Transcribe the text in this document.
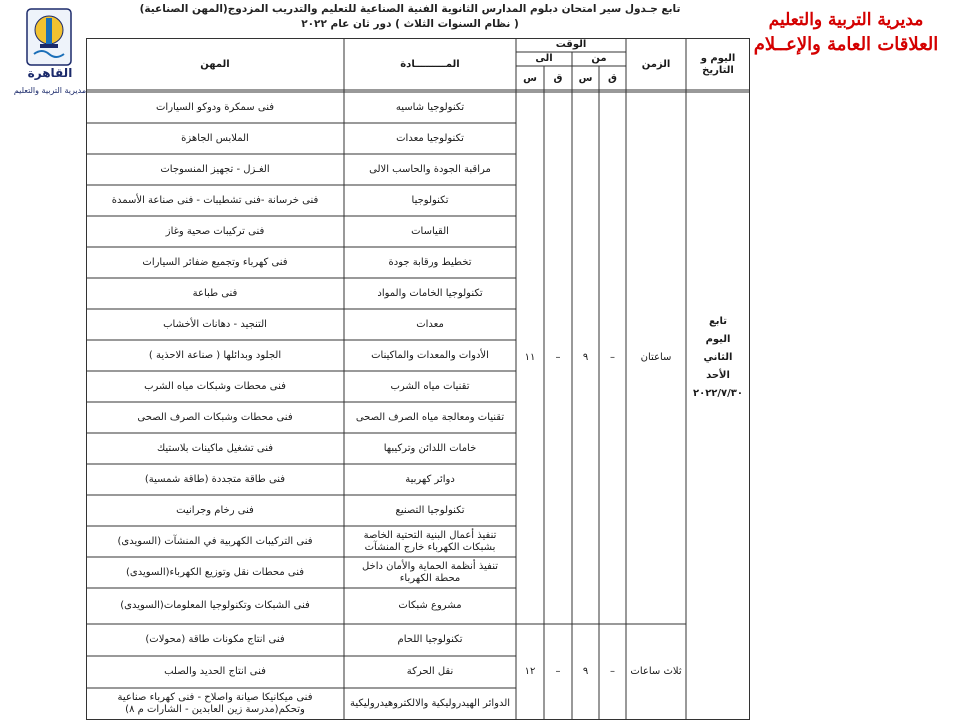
القاهرة
مديرية التربية والتعليم
تابع جـدول سير امتحان دبلوم المدارس الثانوية الفنية الصناعية للتعليم والتدريب المزدوج(المهن الصناعية)
( نظام السنوات الثلاث ) دور ثان عام ٢٠٢٢	مديرية التربية والتعليم
العلاقات العامة والإعــلام
اليوم و التاريخ
الزمن
الوقت
من
الى
ق
س
ق
س
المـــــــــادة
المهن
تابع
اليوم
الثاني
الأحد
٢٠٢٢/٧/٣٠
ساعتان
–
٩
–
١١
ثلاث ساعات
–
٩
–
١٢
تكنولوجيا شاسيه
تكنولوجيا معدات
مراقبة الجودة والحاسب الالى
تكنولوجيا
القياسات
تخطيط ورقابة جودة
تكنولوجيا الخامات والمواد
معدات
الأدوات والمعدات والماكينات
تقنيات مياه الشرب
تقنيات ومعالجة مياه الصرف الصحى
خامات اللدائن وتركيبها
دوائر كهربية
تكنولوجيا التصنيع
تنفيذ أعمال البنية التحتية الخاصة بشبكات الكهرباء خارج المنشآت
تنفيذ أنظمة الحماية والأمان داخل محطة الكهرباء
مشروع شبكات
تكنولوجيا اللحام
نقل الحركة
الدوائر الهيدروليكية والالكتروهيدروليكية
فنى سمكرة ودوكو السيارات
الملابس الجاهزة
الغـزل - تجهيز المنسوجات
فنى خرسانة -فنى تشطيبات - فنى صناعة الأسمدة
فنى تركيبات صحية وغاز
فنى كهرباء وتجميع ضفائر السيارات
فنى طباعة
التنجيد - دهانات الأخشاب
الجلود وبدائلها ( صناعة الاحذية )
فنى محطات وشبكات مياه الشرب
فنى محطات وشبكات الصرف الصحى
فنى تشغيل ماكينات بلاستيك
فنى طاقة متجددة (طاقة شمسية)
فنى رخام وجرانيت
فنى التركيبات الكهربية في المنشآت (السويدى)
فنى محطات نقل وتوزيع الكهرباء(السويدى)
فنى الشبكات وتكنولوجيا المعلومات(السويدى)
فنى انتاج مكونات طاقة (محولات)
فنى انتاج الحديد والصلب
فنى ميكانيكا صيانة واصلاح - فنى كهرباء صناعية وتحكم(مدرسة زين العابدين - الشارات م ٨)
